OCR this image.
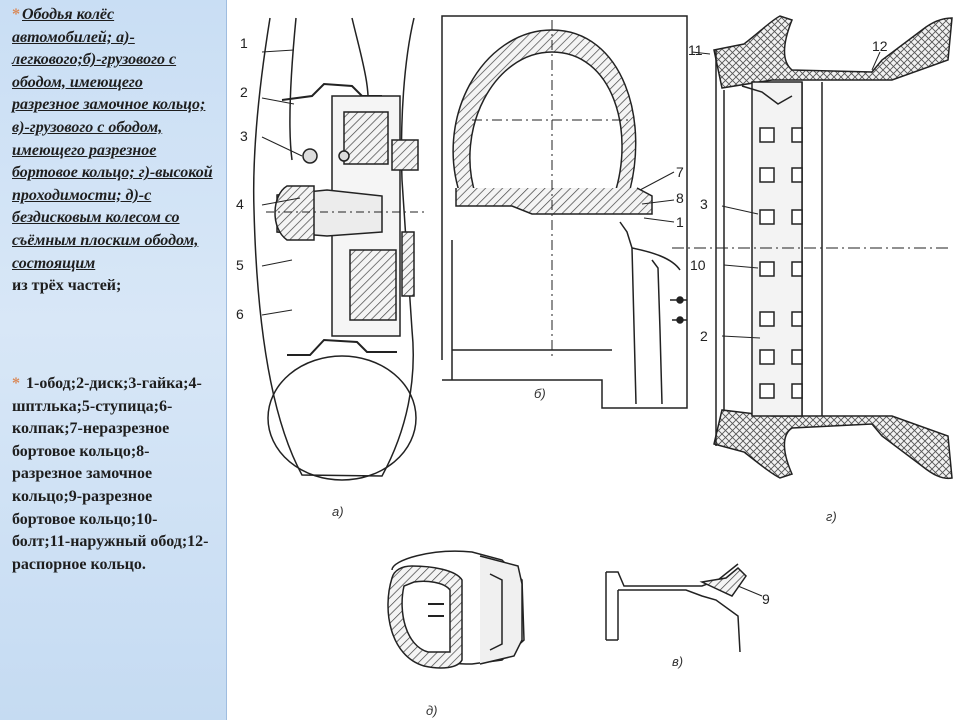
* Ободья колёс автомобилей; а)-легкового;б)-грузового с ободом, имеющего разрезное замочное кольцо; в)-грузового с ободом, имеющего разрезное бортовое кольцо; г)-высокой проходимости; д)-с бездисковым колесом со съёмным плоским ободом, состоящим
из трёх частей;
* 1-обод;2-диск;3-гайка;4-шптлька;5-ступица;6-колпак;7-неразрезное бортовое кольцо;8-разрезное замочное кольцо;9-разрезное бортовое кольцо;10-болт;11-наружный обод;12-распорное кольцо.
1
2
3
4
5
6
а)
7
8
1
б)
11	12
3
10
2
г)
д)
9
в)
